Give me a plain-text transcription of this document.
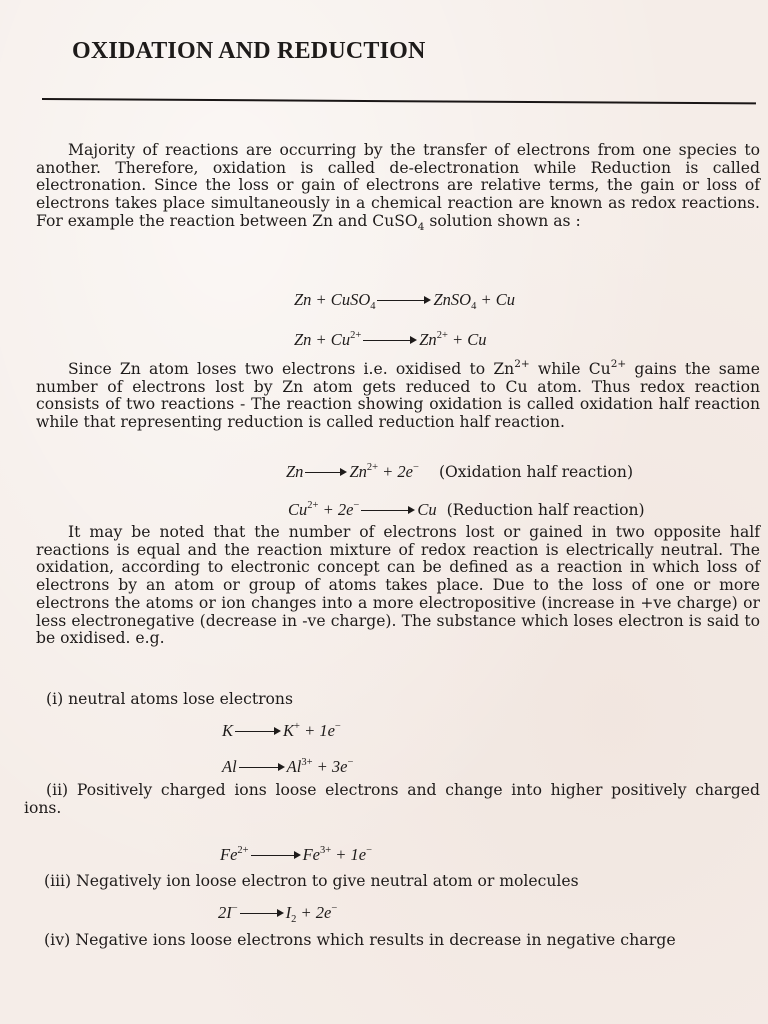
OXIDATION AND REDUCTION
Majority of reactions are occurring by the transfer of electrons from one species to another. Therefore, oxidation is called de-electronation while Reduction is called electronation. Since the loss or gain of electrons are relative terms, the gain or loss of electrons takes place simultaneously in a chemical reaction are known as redox reactions. For example the reaction between Zn and CuSO$_4$ solution shown as :
Zn + CuSO$_4$	ZnSO$_4$ + Cu
$Zn + Cu^{2+}$	$Zn^{2+} + Cu$
Since Zn atom loses two electrons i.e. oxidised to $Zn^{2+}$ while $Cu^{2+}$ gains the same number of electrons lost by Zn atom gets reduced to Cu atom. Thus redox reaction consists of two reactions - The reaction showing oxidation is called oxidation half reaction while that representing reduction is called reduction half reaction.
Zn	$Zn^{2+} + 2e^-$ (Oxidation half reaction)
$Cu^{2+} + 2e^-$	Cu (Reduction half reaction)
It may be noted that the number of electrons lost or gained in two opposite half reactions is equal and the reaction mixture of redox reaction is electrically neutral. The oxidation, according to electronic concept can be defined as a reaction in which loss of electrons by an atom or group of atoms takes place. Due to the loss of one or more electrons the atoms or ion changes into a more electropositive (increase in +ve charge) or less electronegative (decrease in -ve charge). The substance which loses electron is said to be oxidised. e.g.
(i) neutral atoms lose electrons
K	K+ + 1e−
Al	$Al^{3+} + 3e^-$
(ii) Positively charged ions loose electrons and change into higher positively charged ions.
$Fe^{2+}$	$Fe^{3+} + 1e^-$
(iii) Negatively ion loose electron to give neutral atom or molecules
2I−	$I_2 + 2e^-$
(iv) Negative ions loose electrons which results in decrease in negative charge
